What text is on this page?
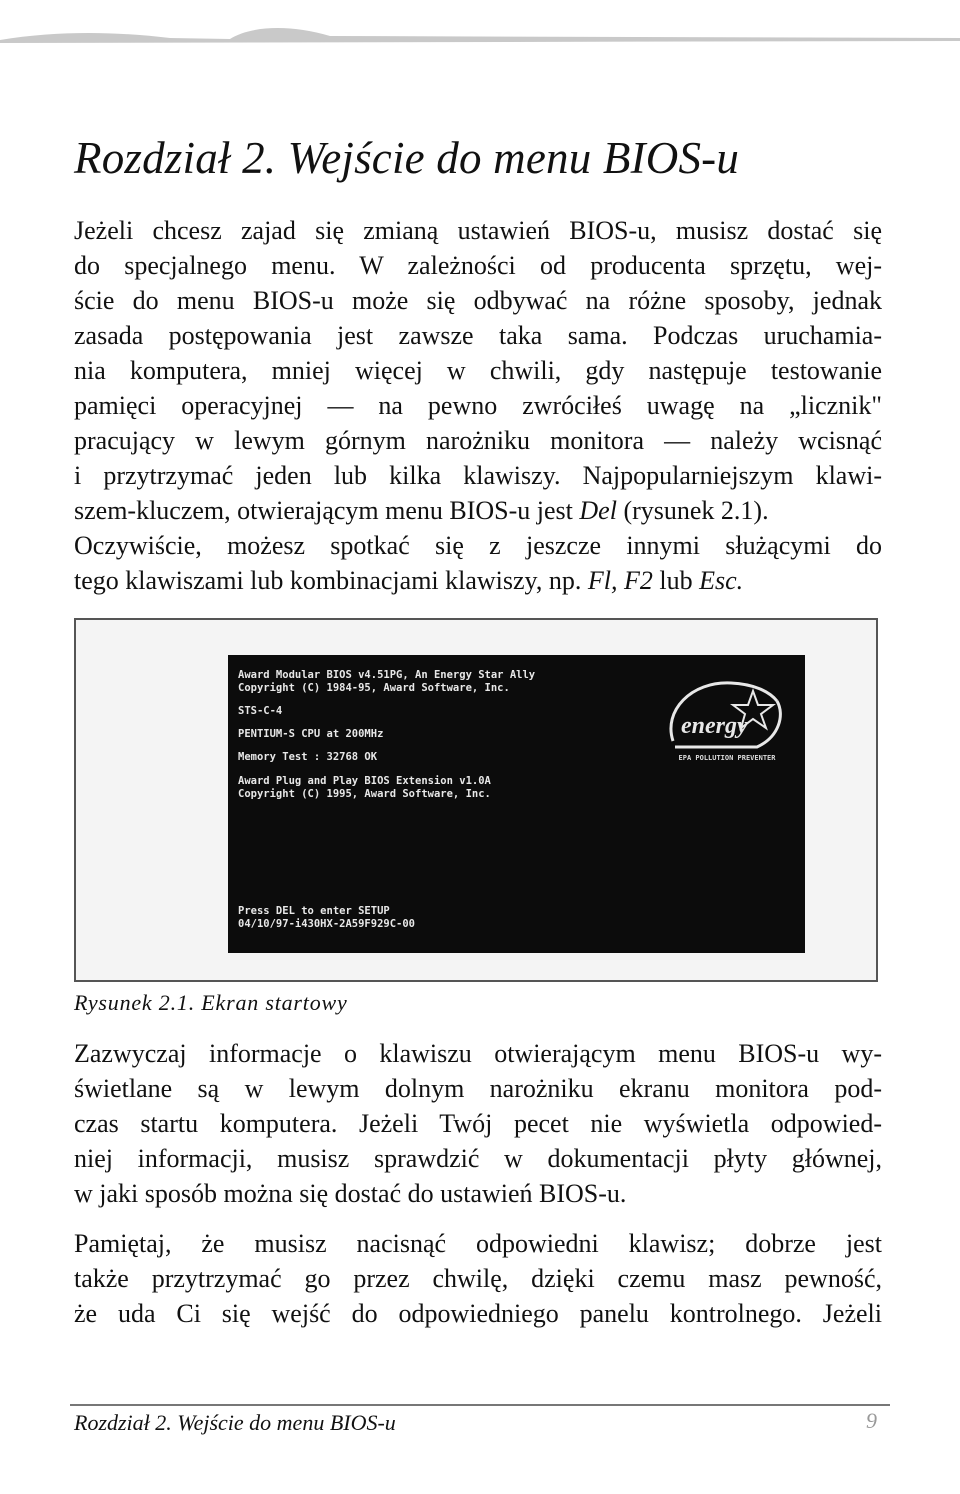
Rozdział 2. Wejście do menu BIOS-u

Jeżeli chcesz zajad się zmianą ustawień BIOS-u, musisz dostać się
do specjalnego menu. W zależności od producenta sprzętu, wej-
ście do menu BIOS-u może się odbywać na różne sposoby, jednak
zasada postępowania jest zawsze taka sama. Podczas uruchamia-
nia komputera, mniej więcej w chwili, gdy następuje testowanie
pamięci operacyjnej — na pewno zwróciłeś uwagę na „licznik"
pracujący w lewym górnym narożniku monitora — należy wcisnąć
i przytrzymać jeden lub kilka klawiszy. Najpopularniejszym klawi-
szem-kluczem, otwierającym menu BIOS-u jest Del (rysunek 2.1).
Oczywiście, możesz spotkać się z jeszcze innymi służącymi do
tego klawiszami lub kombinacjami klawiszy, np. Fl, F2 lub Esc.

Award Modular BIOS v4.51PG, An Energy Star Ally
Copyright (C) 1984-95, Award Software, Inc.
STS-C-4
PENTIUM-S CPU at 200MHz
Memory Test : 32768 OK
Award Plug and Play BIOS Extension v1.0A
Copyright (C) 1995, Award Software, Inc.
Press DEL to enter SETUP
04/10/97-i430HX-2A59F929C-00
energy
EPA POLLUTION PREVENTER

Rysunek 2.1. Ekran startowy

Zazwyczaj informacje o klawiszu otwierającym menu BIOS-u wy-
świetlane są w lewym dolnym narożniku ekranu monitora pod-
czas startu komputera. Jeżeli Twój pecet nie wyświetla odpowied-
niej informacji, musisz sprawdzić w dokumentacji płyty głównej,
w jaki sposób można się dostać do ustawień BIOS-u.

Pamiętaj, że musisz nacisnąć odpowiedni klawisz; dobrze jest
także przytrzymać go przez chwilę, dzięki czemu masz pewność,
że uda Ci się wejść do odpowiedniego panelu kontrolnego. Jeżeli

Rozdział 2. Wejście do menu BIOS-u	9
